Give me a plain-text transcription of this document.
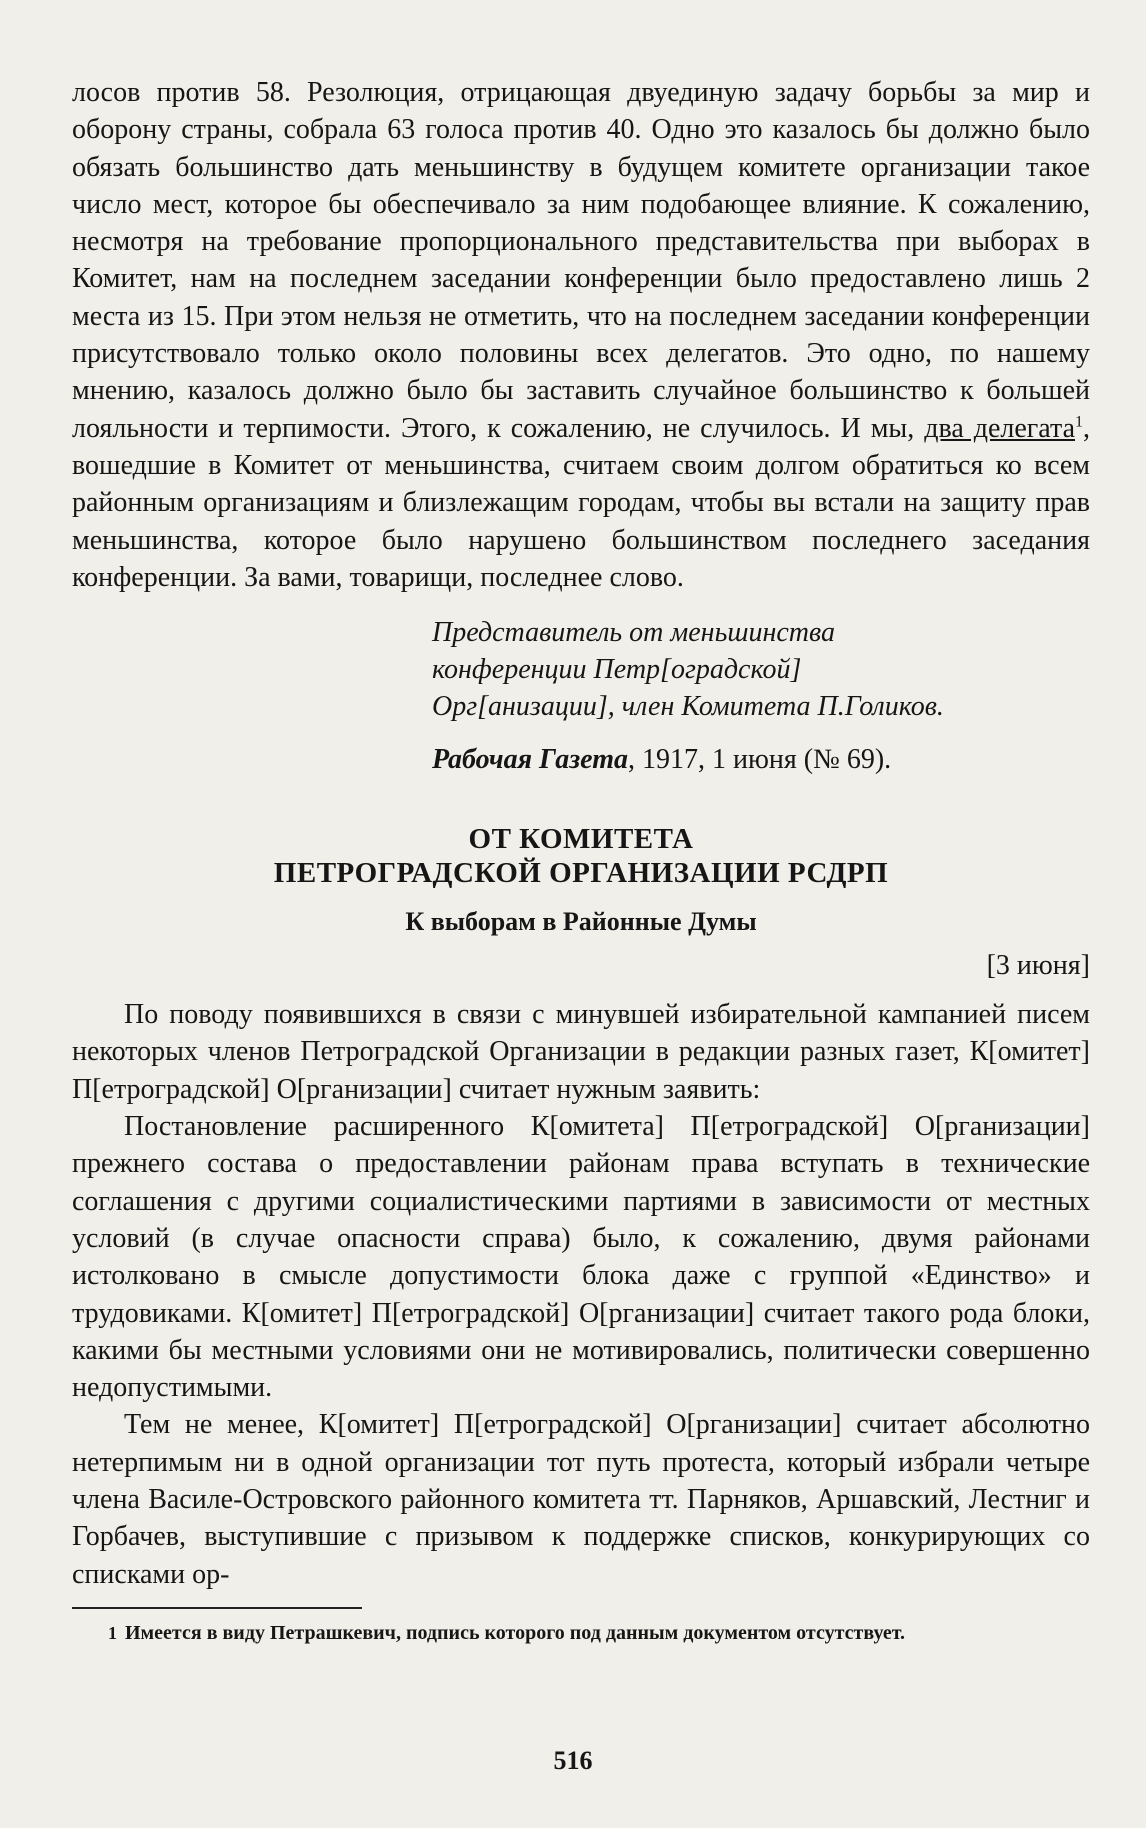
лосов против 58. Резолюция, отрицающая двуединую задачу борьбы за мир и оборону страны, собрала 63 голоса против 40. Одно это казалось бы должно было обязать большинство дать меньшинству в будущем комитете организации такое число мест, которое бы обеспечивало за ним подобающее влияние. К сожалению, несмотря на требование пропорционального представительства при выборах в Комитет, нам на последнем заседании конференции было предоставлено лишь 2 места из 15. При этом нельзя не отметить, что на последнем заседании конференции присутствовало только около половины всех делегатов. Это одно, по нашему мнению, казалось должно было бы заставить случайное большинство к большей лояльности и терпимости. Этого, к сожалению, не случилось. И мы, два делегата$^1$, вошедшие в Комитет от меньшинства, считаем своим долгом обратиться ко всем районным организациям и близлежащим городам, чтобы вы встали на защиту прав меньшинства, которое было нарушено большинством последнего заседания конференции. За вами, товарищи, последнее слово.

Представитель от меньшинства
конференции Петр[оградской]
Орг[анизации], член Комитета П.Голиков.
Рабочая Газета, 1917, 1 июня (№ 69).
ОТ КОМИТЕТА
ПЕТРОГРАДСКОЙ ОРГАНИЗАЦИИ РСДРП
К выборам в Районные Думы
[3 июня]

По поводу появившихся в связи с минувшей избирательной кампанией писем некоторых членов Петроградской Организации в редакции разных газет, К[омитет] П[етроградской] О[рганизации] считает нужным заявить:

Постановление расширенного К[омитета] П[етроградской] О[рганизации] прежнего состава о предоставлении районам права вступать в технические соглашения с другими социалистическими партиями в зависимости от местных условий (в случае опасности справа) было, к сожалению, двумя районами истолковано в смысле допустимости блока даже с группой «Единство» и трудовиками. К[омитет] П[етроградской] О[рганизации] считает такого рода блоки, какими бы местными условиями они не мотивировались, политически совершенно недопустимыми.

Тем не менее, К[омитет] П[етроградской] О[рганизации] считает абсолютно нетерпимым ни в одной организации тот путь протеста, который избрали четыре члена Василе-Островского районного комитета тт. Парняков, Аршавский, Лестниг и Горбачев, выступившие с призывом к поддержке списков, конкурирующих со списками ор-

1 Имеется в виду Петрашкевич, подпись которого под данным документом отсутствует.
516
